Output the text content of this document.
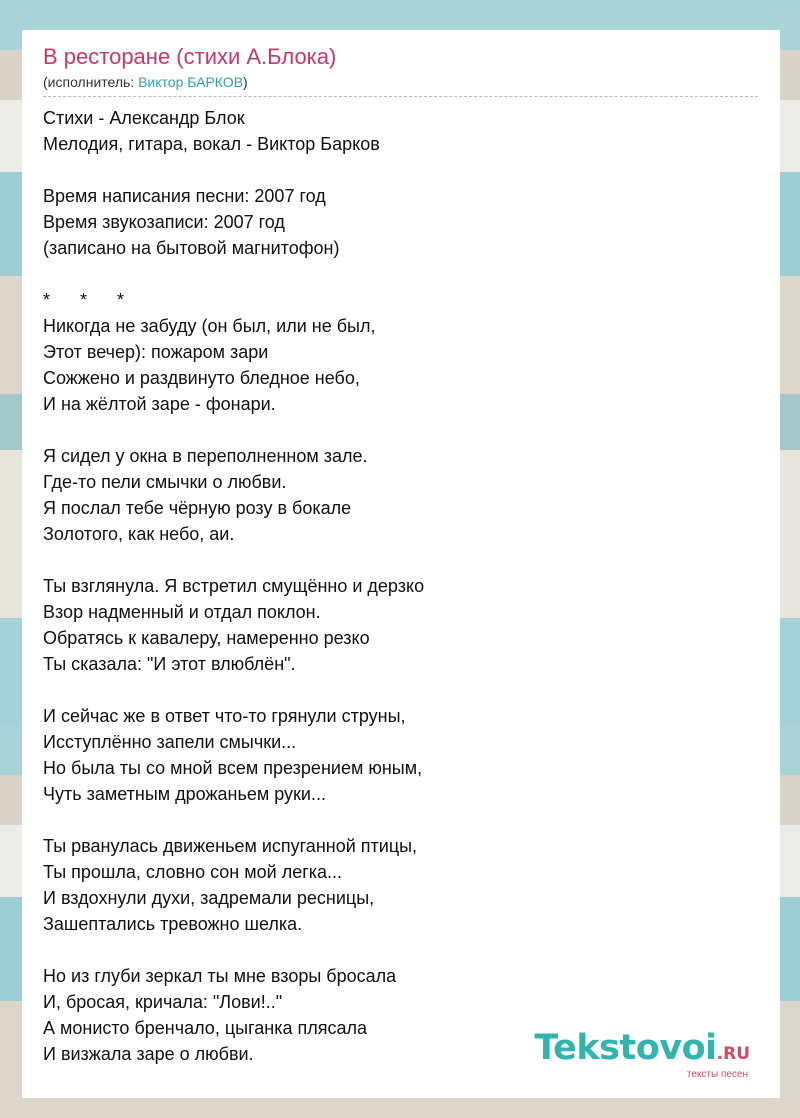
В ресторане (стихи А.Блока)
(исполнитель: Виктор БАРКОВ)
Стихи - Александр Блок
Мелодия, гитара, вокал - Виктор Барков
Время написания песни: 2007 год
Время звукозаписи: 2007 год
(записано на бытовой магнитофон)
*      *      *
Никогда не забуду (он был, или не был,
Этот вечер): пожаром зари
Сожжено и раздвинуто бледное небо,
И на жёлтой заре - фонари.
Я сидел у окна в переполненном зале.
Где-то пели смычки о любви.
Я послал тебе чёрную розу в бокале
Золотого, как небо, аи.
Ты взглянула. Я встретил смущённо и дерзко
Взор надменный и отдал поклон.
Обратясь к кавалеру, намеренно резко
Ты сказала: "И этот влюблён".
И сейчас же в ответ что-то грянули струны,
Исступлённо запели смычки...
Но была ты со мной всем презрением юным,
Чуть заметным дрожаньем руки...
Ты рванулась движеньем испуганной птицы,
Ты прошла, словно сон мой легка...
И вздохнули духи, задремали ресницы,
Зашептались тревожно шелка.
Но из глуби зеркал ты мне взоры бросала
И, бросая, кричала: "Лови!.."
А монисто бренчало, цыганка плясала
И визжала заре о любви.	Tekstovoi.RU
тексты песен
